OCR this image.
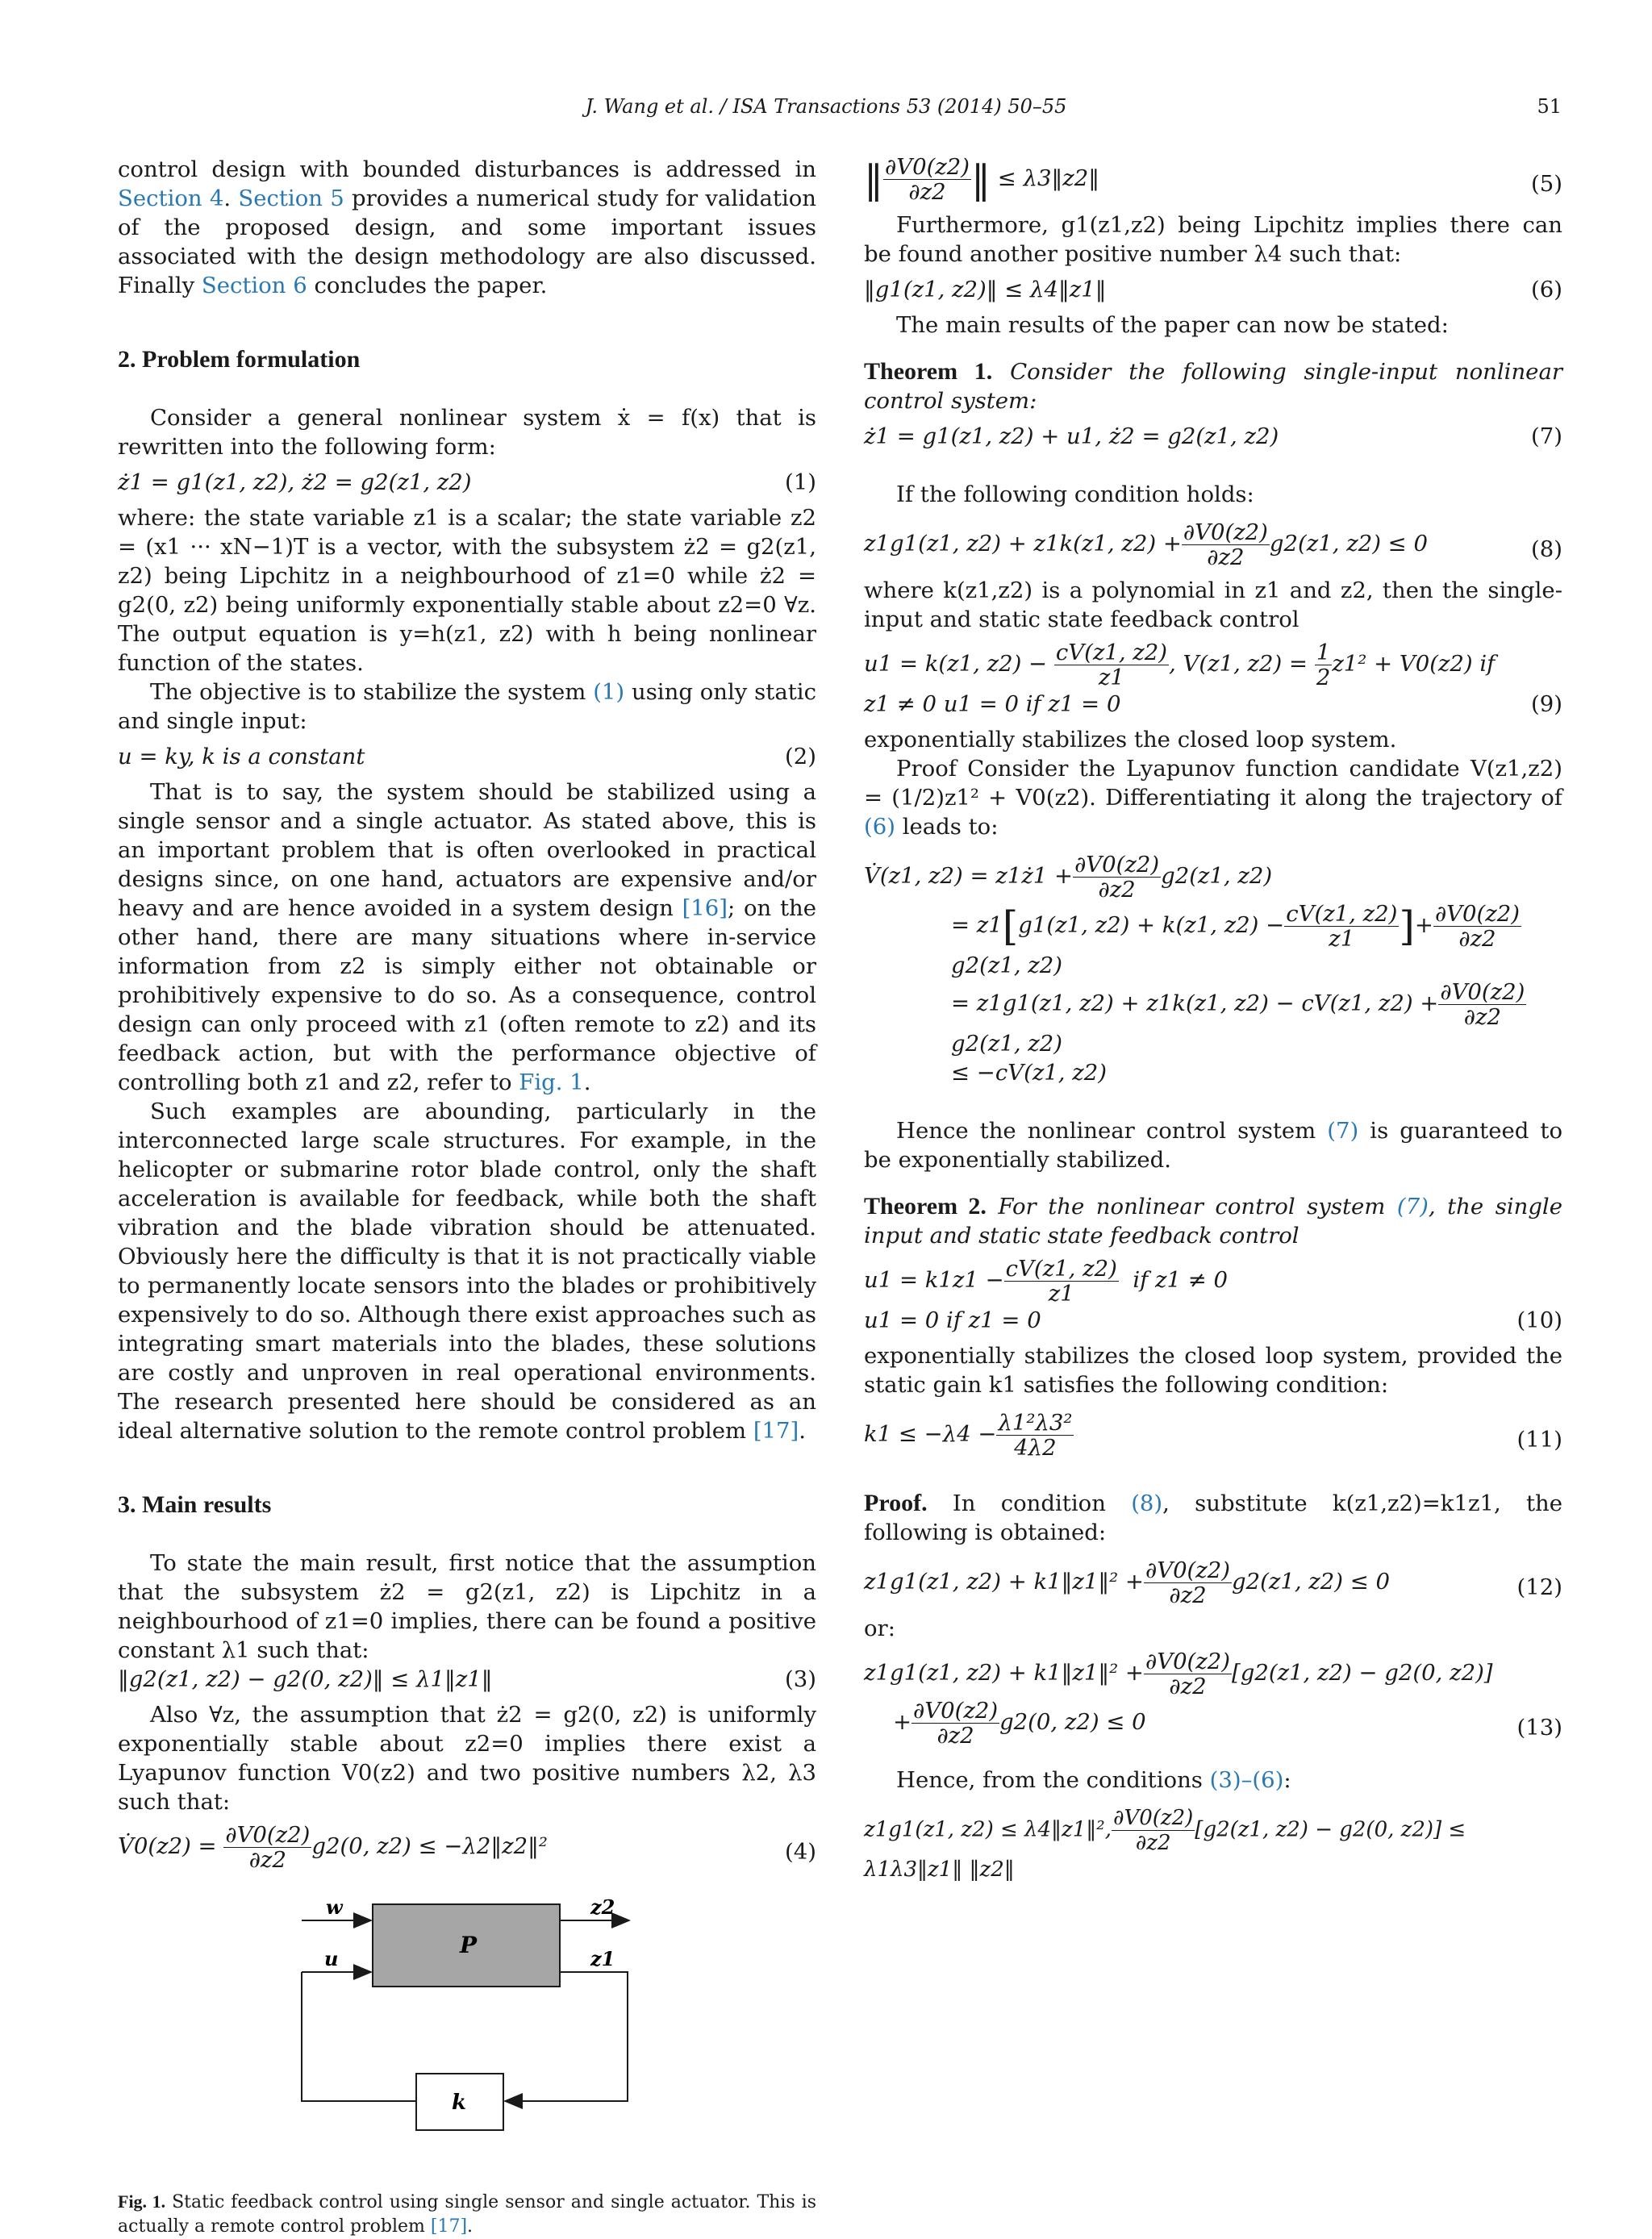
J. Wang et al. / ISA Transactions 53 (2014) 50–55	51

control design with bounded disturbances is addressed in Section 4. Section 5 provides a numerical study for validation of the proposed design, and some important issues associated with the design methodology are also discussed. Finally Section 6 concludes the paper.

2. Problem formulation

Consider a general nonlinear system ẋ = f(x) that is rewritten into the following form:

ż1 = g1(z1, z2), ż2 = g2(z1, z2)	(1)

where: the state variable z1 is a scalar; the state variable z2 = (x1 ··· xN−1)T is a vector, with the subsystem ż2 = g2(z1, z2) being Lipchitz in a neighbourhood of z1=0 while ż2 = g2(0, z2) being uniformly exponentially stable about z2=0 ∀z. The output equation is y=h(z1, z2) with h being nonlinear function of the states.

The objective is to stabilize the system (1) using only static and single input:

u = ky, k is a constant	(2)

That is to say, the system should be stabilized using a single sensor and a single actuator. As stated above, this is an important problem that is often overlooked in practical designs since, on one hand, actuators are expensive and/or heavy and are hence avoided in a system design [16]; on the other hand, there are many situations where in-service information from z2 is simply either not obtainable or prohibitively expensive to do so. As a consequence, control design can only proceed with z1 (often remote to z2) and its feedback action, but with the performance objective of controlling both z1 and z2, refer to Fig. 1.

Such examples are abounding, particularly in the interconnected large scale structures. For example, in the helicopter or submarine rotor blade control, only the shaft acceleration is available for feedback, while both the shaft vibration and the blade vibration should be attenuated. Obviously here the difficulty is that it is not practically viable to permanently locate sensors into the blades or prohibitively expensively to do so. Although there exist approaches such as integrating smart materials into the blades, these solutions are costly and unproven in real operational environments. The research presented here should be considered as an ideal alternative solution to the remote control problem [17].

3. Main results

To state the main result, first notice that the assumption that the subsystem ż2 = g2(z1, z2) is Lipchitz in a neighbourhood of z1=0 implies, there can be found a positive constant λ1 such that:

‖g2(z1, z2) − g2(0, z2)‖ ≤ λ1‖z1‖	(3)

Also ∀z, the assumption that ż2 = g2(0, z2) is uniformly exponentially stable about z2=0 implies there exist a Lyapunov function V0(z2) and two positive numbers λ2, λ3 such that:

V̇0(z2) = $\frac{\partial V0(z2)}{\partial z2} g2(0$, z2) ≤ −λ2‖z2‖²	(4)
w
u
z2
z1
P
k

Fig. 1. Static feedback control using single sensor and single actuator. This is actually a remote control problem [17].

‖ $\frac{\partial V0(z2)}{\partial z2}$ ‖ ≤ λ3‖z2‖	(5)

Furthermore, g1(z1,z2) being Lipchitz implies there can be found another positive number λ4 such that:

‖g1(z1, z2)‖ ≤ λ4‖z1‖	(6)

The main results of the paper can now be stated:

Theorem 1. Consider the following single-input nonlinear control system:

ż1 = g1(z1, z2) + u1, ż2 = g2(z1, z2)	(7)

If the following condition holds:

z1g1(z1, z2) + z1k(z1, $z2) + \frac{\partial V0(z2)}{\partial z2} g2(z1$, z2) ≤ 0	(8)

where k(z1,z2) is a polynomial in z1 and z2, then the single-input and static state feedback control

u1 = k(z1, $z2) - \frac{cV(z1, z2)}{z1}$ , V(z1, $z2) = \frac{1}{2} z1^2 + V0(z2)$ if
z1 ≠ 0 u1 = 0 if z1 = 0	(9)

exponentially stabilizes the closed loop system.

Proof Consider the Lyapunov function candidate V(z1,z2) = (1/2)z1² + V0(z2). Differentiating it along the trajectory of (6) leads to:

V̇(z1, z2) = z1ż1 + $\frac{\partial V0(z2)}{\partial z2} g2(z1$, z2)
= z1[g1(z1, z2) + k(z1, $z2) - \frac{cV(z1, z2)}{z1}$ ]+ $\frac{\partial V0(z2)}{\partial z2}$
g2(z1, z2)
= z1g1(z1, z2) + z1k(z1, z2) − cV(z1, $z2) + \frac{\partial V0(z2)}{\partial z2}$
g2(z1, z2)
≤ −cV(z1, z2)

Hence the nonlinear control system (7) is guaranteed to be exponentially stabilized.

Theorem 2. For the nonlinear control system (7), the single input and static state feedback control

$u1 = k1z1 - \frac{cV(z1, z2)}{z1}$ if z1 ≠ 0
u1 = 0 if z1 = 0	(10)

exponentially stabilizes the closed loop system, provided the static gain k1 satisfies the following condition:

$k1 \le -\lambda 4 - \frac{\text{λ1²λ3²}}{4\lambda 2}$	(11)

Proof. In condition (8), substitute k(z1,z2)=k1z1, the following is obtained:

z1g1(z1, z2) + k1‖z1‖² + $\frac{\partial V0(z2)}{\partial z2} g2(z1$, z2) ≤ 0	(12)

or:

z1g1(z1, z2) + k1‖z1‖² + $\frac{\partial V0(z2)}{\partial z2} [g2(z1$, z2) − g2(0, z2)]
+ $\frac{\partial V0(z2)}{\partial z2} g2(0$, z2) ≤ 0	(13)

Hence, from the conditions (3)–(6):

z1g1(z1, z2) ≤ λ4‖z1‖², $\frac{\partial V0(z2)}{\partial z2} [g2(z1$, z2) − g2(0, z2)] ≤ λ1λ3‖z1‖ ‖z2‖
